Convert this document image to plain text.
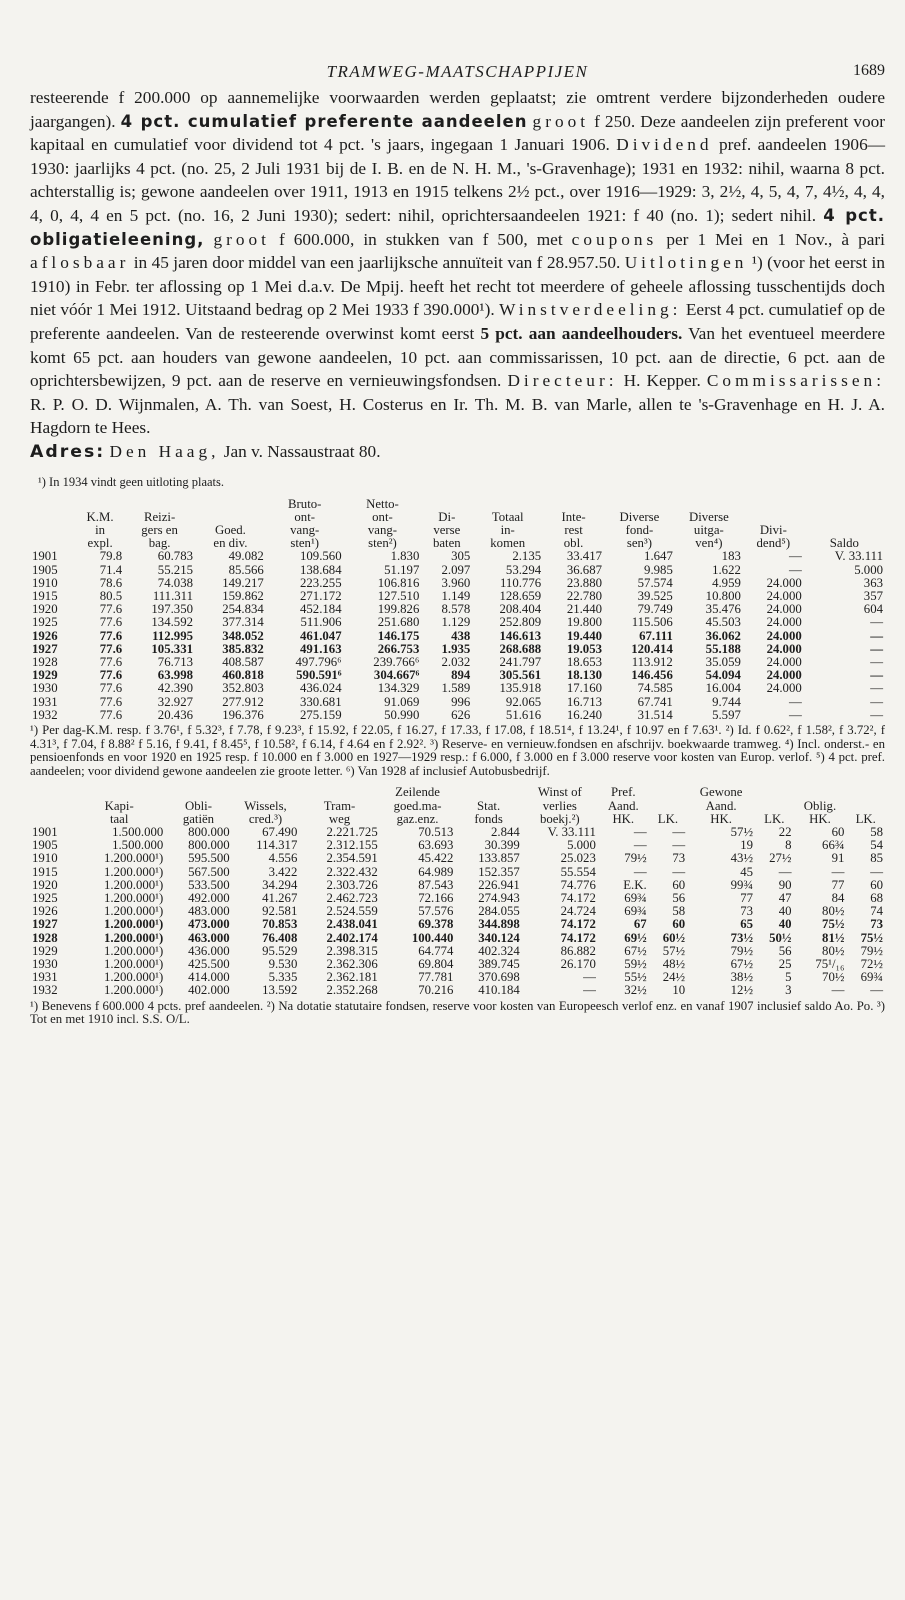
TRAMWEG-MAATSCHAPPIJEN	1689

resteerende f 200.000 op aannemelijke voorwaarden werden geplaatst; zie omtrent verdere bijzonderheden oudere jaargangen). 4 pct. cumulatief preferente aandeelen groot f 250. Deze aandeelen zijn preferent voor kapitaal en cumulatief voor dividend tot 4 pct. 's jaars, ingegaan 1 Januari 1906. Dividend pref. aandeelen 1906—1930: jaarlijks 4 pct. (no. 25, 2 Juli 1931 bij de I. B. en de N. H. M., 's-Gravenhage); 1931 en 1932: nihil, waarna 8 pct. achterstallig is; gewone aandeelen over 1911, 1913 en 1915 telkens 2½ pct., over 1916—1929: 3, 2½, 4, 5, 4, 7, 4½, 4, 4, 4, 0, 4, 4 en 5 pct. (no. 16, 2 Juni 1930); sedert: nihil, oprichtersaandeelen 1921: f 40 (no. 1); sedert nihil. 4 pct. obligatieleening, groot f 600.000, in stukken van f 500, met coupons per 1 Mei en 1 Nov., à pari aflosbaar in 45 jaren door middel van een jaarlijksche annuïteit van f 28.957.50. Uitlotingen ¹) (voor het eerst in 1910) in Febr. ter aflossing op 1 Mei d.a.v. De Mpij. heeft het recht tot meerdere of geheele aflossing tusschentijds doch niet vóór 1 Mei 1912. Uitstaand bedrag op 2 Mei 1933 f 390.000¹). Winstverdeeling: Eerst 4 pct. cumulatief op de preferente aandeelen. Van de resteerende overwinst komt eerst 5 pct. aan aandeelhouders. Van het eventueel meerdere komt 65 pct. aan houders van gewone aandeelen, 10 pct. aan commissarissen, 10 pct. aan de directie, 6 pct. aan de oprichtersbewijzen, 9 pct. aan de reserve en vernieuwingsfondsen. Directeur: H. Kepper. Commissarissen: R. P. O. D. Wijnmalen, A. Th. van Soest, H. Costerus en Ir. Th. M. B. van Marle, allen te 's-Gravenhage en H. J. A. Hagdorn te Hees.

Adres: Den Haag, Jan v. Nassaustraat 80.

¹) In 1934 vindt geen uitloting plaats.
				Bruto-	Netto-							
	K.M.	Reizi-		ont-	ont-	Di-	Totaal	Inte-	Diverse	Diverse		
	in	gers en	Goed.	vang-	vang-	verse	in-	rest	fond-	uitga-	Divi-	
	expl.	bag.	en div.	sten¹)	sten²)	baten	komen	obl.	sen³)	ven⁴)	dend⁵)	Saldo
1901	79.8	60.783	49.082	109.560	1.830	305	2.135	33.417	1.647	183	—	V. 33.111
1905	71.4	55.215	85.566	138.684	51.197	2.097	53.294	36.687	9.985	1.622	—	5.000
1910	78.6	74.038	149.217	223.255	106.816	3.960	110.776	23.880	57.574	4.959	24.000	363
1915	80.5	111.311	159.862	271.172	127.510	1.149	128.659	22.780	39.525	10.800	24.000	357
1920	77.6	197.350	254.834	452.184	199.826	8.578	208.404	21.440	79.749	35.476	24.000	604
1925	77.6	134.592	377.314	511.906	251.680	1.129	252.809	19.800	115.506	45.503	24.000	—
1926	77.6	112.995	348.052	461.047	146.175	438	146.613	19.440	67.111	36.062	24.000	—
1927	77.6	105.331	385.832	491.163	266.753	1.935	268.688	19.053	120.414	55.188	24.000	—
1928	77.6	76.713	408.587	497.796⁶	239.766⁶	2.032	241.797	18.653	113.912	35.059	24.000	—
1929	77.6	63.998	460.818	590.591⁶	304.667⁶	894	305.561	18.130	146.456	54.094	24.000	—
1930	77.6	42.390	352.803	436.024	134.329	1.589	135.918	17.160	74.585	16.004	24.000	—
1931	77.6	32.927	277.912	330.681	91.069	996	92.065	16.713	67.741	9.744	—	—
1932	77.6	20.436	196.376	275.159	50.990	626	51.616	16.240	31.514	5.597	—	—

¹) Per dag-K.M. resp. f 3.76¹, f 5.32³, f 7.78, f 9.23³, f 15.92, f 22.05, f 16.27, f 17.33, f 17.08, f 18.51⁴, f 13.24¹, f 10.97 en f 7.63¹. ²) Id. f 0.62², f 1.58², f 3.72², f 4.31³, f 7.04, f 8.88² f 5.16, f 9.41, f 8.45⁵, f 10.58², f 6.14, f 4.64 en f 2.92². ³) Reserve- en vernieuw.fondsen en afschrijv. boekwaarde tramweg. ⁴) Incl. onderst.- en pensioenfonds en voor 1920 en 1925 resp. f 10.000 en f 3.000 en 1927—1929 resp.: f 6.000, f 3.000 en f 3.000 reserve voor kosten van Europ. verlof. ⁵) 4 pct. pref. aandeelen; voor dividend gewone aandeelen zie groote letter. ⁶) Van 1928 af inclusief Autobusbedrijf.

					Zeilende		Winst of	Pref.		Gewone			
	Kapi-	Obli-	Wissels,	Tram-	goed.ma-	Stat.	verlies	Aand.		Aand.		Oblig.	
	taal	gatiën	cred.³)	weg	gaz.enz.	fonds	boekj.²)	HK.	LK.	HK.	LK.	HK.	LK.
1901	1.500.000	800.000	67.490	2.221.725	70.513	2.844	V. 33.111	—	—	57½	22	60	58
1905	1.500.000	800.000	114.317	2.312.155	63.693	30.399	5.000	—	—	19	8	66¾	54
1910	1.200.000¹)	595.500	4.556	2.354.591	45.422	133.857	25.023	79½	73	43½	27½	91	85
1915	1.200.000¹)	567.500	3.422	2.322.432	64.989	152.357	55.554	—	—	45	—	—	—
1920	1.200.000¹)	533.500	34.294	2.303.726	87.543	226.941	74.776	E.K.	60	99¾	90	77	60
1925	1.200.000¹)	492.000	41.267	2.462.723	72.166	274.943	74.172	69¾	56	77	47	84	68
1926	1.200.000¹)	483.000	92.581	2.524.559	57.576	284.055	24.724	69¾	58	73	40	80½	74
1927	1.200.000¹)	473.000	70.853	2.438.041	69.378	344.898	74.172	67	60	65	40	75½	73
1928	1.200.000¹)	463.000	76.408	2.402.174	100.440	340.124	74.172	69½	60½	73½	50½	81½	75½
1929	1.200.000¹)	436.000	95.529	2.398.315	64.774	402.324	86.882	67½	57½	79½	56	80½	79½
1930	1.200.000¹)	425.500	9.530	2.362.306	69.804	389.745	26.170	59½	48½	67½	25	75¹/₁₆	72½
1931	1.200.000¹)	414.000	5.335	2.362.181	77.781	370.698	—	55½	24½	38½	5	70½	69¾
1932	1.200.000¹)	402.000	13.592	2.352.268	70.216	410.184	—	32½	10	12½	3	—	—

¹) Benevens f 600.000 4 pcts. pref aandeelen. ²) Na dotatie statutaire fondsen, reserve voor kosten van Europeesch verlof enz. en vanaf 1907 inclusief saldo Ao. Po. ³) Tot en met 1910 incl. S.S. O/L.
